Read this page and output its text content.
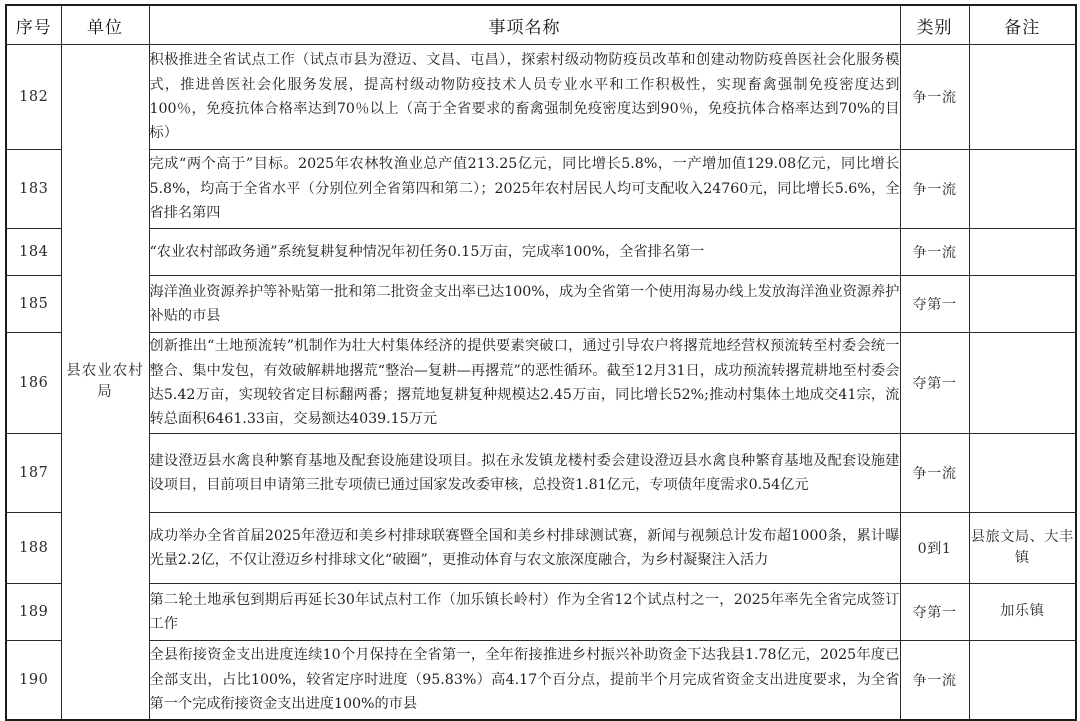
序号	单位	事项名称	类别	备注
182	县农业农村局	积极推进全省试点工作（试点市县为澄迈、文昌、屯昌），探索村级动物防疫员改革和创建动物防疫兽医社会化服务模式，推进兽医社会化服务发展，提高村级动物防疫技术人员专业水平和工作积极性，实现畜禽强制免疫密度达到100％，免疫抗体合格率达到70％以上（高于全省要求的畜禽强制免疫密度达到90％，免疫抗体合格率达到70%的目标）	争一流	
183		完成“两个高于”目标。2025年农林牧渔业总产值213.25亿元，同比增长5.8%，一产增加值129.08亿元，同比增长5.8%，均高于全省水平（分别位列全省第四和第二）；2025年农村居民人均可支配收入24760元，同比增长5.6%，全省排名第四	争一流	
184		“农业农村部政务通”系统复耕复种情况年初任务0.15万亩，完成率100%，全省排名第一	争一流	
185		海洋渔业资源养护等补贴第一批和第二批资金支出率已达100%，成为全省第一个使用海易办线上发放海洋渔业资源养护补贴的市县	夺第一	
186		创新推出“土地预流转”机制作为壮大村集体经济的提供要素突破口，通过引导农户将撂荒地经营权预流转至村委会统一整合、集中发包，有效破解耕地撂荒“整治—复耕—再撂荒”的恶性循环。截至12月31日，成功预流转撂荒耕地至村委会达5.42万亩，实现较省定目标翻两番；撂荒地复耕复种规模达2.45万亩，同比增长52%;推动村集体土地成交41宗，流转总面积6461.33亩，交易额达4039.15万元	夺第一	
187		建设澄迈县水禽良种繁育基地及配套设施建设项目。拟在永发镇龙楼村委会建设澄迈县水禽良种繁育基地及配套设施建设项目，目前项目申请第三批专项债已通过国家发改委审核，总投资1.81亿元，专项债年度需求0.54亿元	争一流	
188		成功举办全省首届2025年澄迈和美乡村排球联赛暨全国和美乡村排球测试赛，新闻与视频总计发布超1000条，累计曝光量2.2亿，不仅让澄迈乡村排球文化“破圈”，更推动体育与农文旅深度融合，为乡村凝聚注入活力	0到1	县旅文局、大丰镇
189		第二轮土地承包到期后再延长30年试点村工作（加乐镇长岭村）作为全省12个试点村之一，2025年率先全省完成签订工作	夺第一	加乐镇
190		全县衔接资金支出进度连续10个月保持在全省第一，全年衔接推进乡村振兴补助资金下达我县1.78亿元，2025年度已全部支出，占比100%，较省定序时进度（95.83%）高4.17个百分点，提前半个月完成省资金支出进度要求，为全省第一个完成衔接资金支出进度100%的市县	争一流	
